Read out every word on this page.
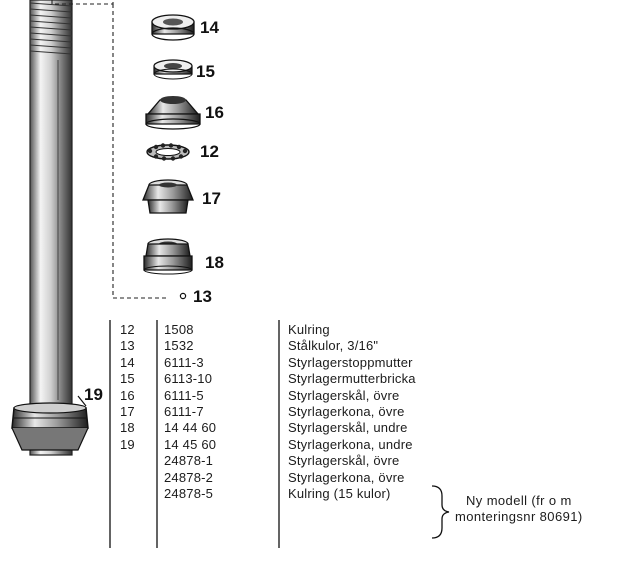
14
15
16
12
17
18
13
19
12
13
14
15
16
17
18
19
1508
1532
6111-3
6113-10
6111-5
6111-7
14 44 60
14 45 60
24878-1
24878-2
24878-5
Kulring
Stålkulor, 3/16"
Styrlagerstoppmutter
Styrlagermutterbricka
Styrlagerskål, övre
Styrlagerkona, övre
Styrlagerskål, undre
Styrlagerkona, undre
Styrlagerskål, övre
Styrlagerkona, övre
Kulring (15 kulor)	Ny modell (fr o m
monteringsnr 80691)
